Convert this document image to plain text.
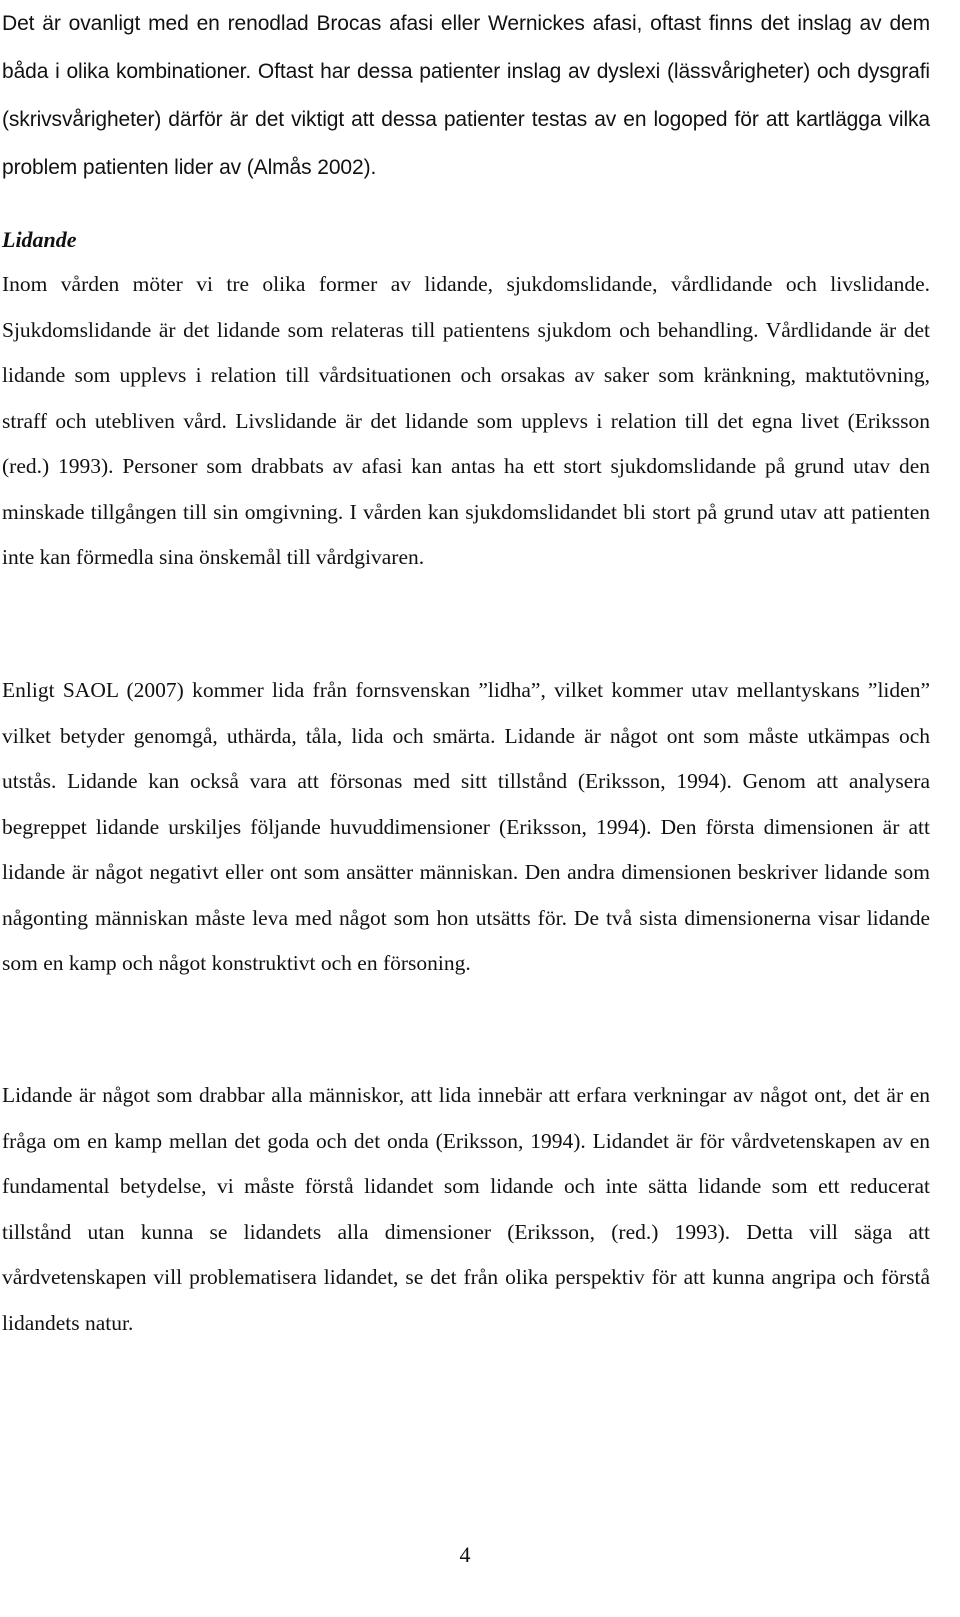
Det är ovanligt med en renodlad Brocas afasi eller Wernickes afasi, oftast finns det inslag av dem båda i olika kombinationer. Oftast har dessa patienter inslag av dyslexi (lässvårigheter) och dysgrafi (skrivsvårigheter) därför är det viktigt att dessa patienter testas av en logoped för att kartlägga vilka problem patienten lider av (Almås 2002).

Lidande

Inom vården möter vi tre olika former av lidande, sjukdomslidande, vårdlidande och livslidande. Sjukdomslidande är det lidande som relateras till patientens sjukdom och behandling. Vårdlidande är det lidande som upplevs i relation till vårdsituationen och orsakas av saker som kränkning, maktutövning, straff och utebliven vård. Livslidande är det lidande som upplevs i relation till det egna livet (Eriksson (red.) 1993). Personer som drabbats av afasi kan antas ha ett stort sjukdomslidande på grund utav den minskade tillgången till sin omgivning. I vården kan sjukdomslidandet bli stort på grund utav att patienten inte kan förmedla sina önskemål till vårdgivaren.

Enligt SAOL (2007) kommer lida från fornsvenskan ”lidha”, vilket kommer utav mellantyskans ”liden” vilket betyder genomgå, uthärda, tåla, lida och smärta. Lidande är något ont som måste utkämpas och utstås. Lidande kan också vara att försonas med sitt tillstånd (Eriksson, 1994). Genom att analysera begreppet lidande urskiljes följande huvuddimensioner (Eriksson, 1994). Den första dimensionen är att lidande är något negativt eller ont som ansätter människan. Den andra dimensionen beskriver lidande som någonting människan måste leva med något som hon utsätts för. De två sista dimensionerna visar lidande som en kamp och något konstruktivt och en försoning.

Lidande är något som drabbar alla människor, att lida innebär att erfara verkningar av något ont, det är en fråga om en kamp mellan det goda och det onda (Eriksson, 1994). Lidandet är för vårdvetenskapen av en fundamental betydelse, vi måste förstå lidandet som lidande och inte sätta lidande som ett reducerat tillstånd utan kunna se lidandets alla dimensioner (Eriksson, (red.) 1993). Detta vill säga att vårdvetenskapen vill problematisera lidandet, se det från olika perspektiv för att kunna angripa och förstå lidandets natur.

4
